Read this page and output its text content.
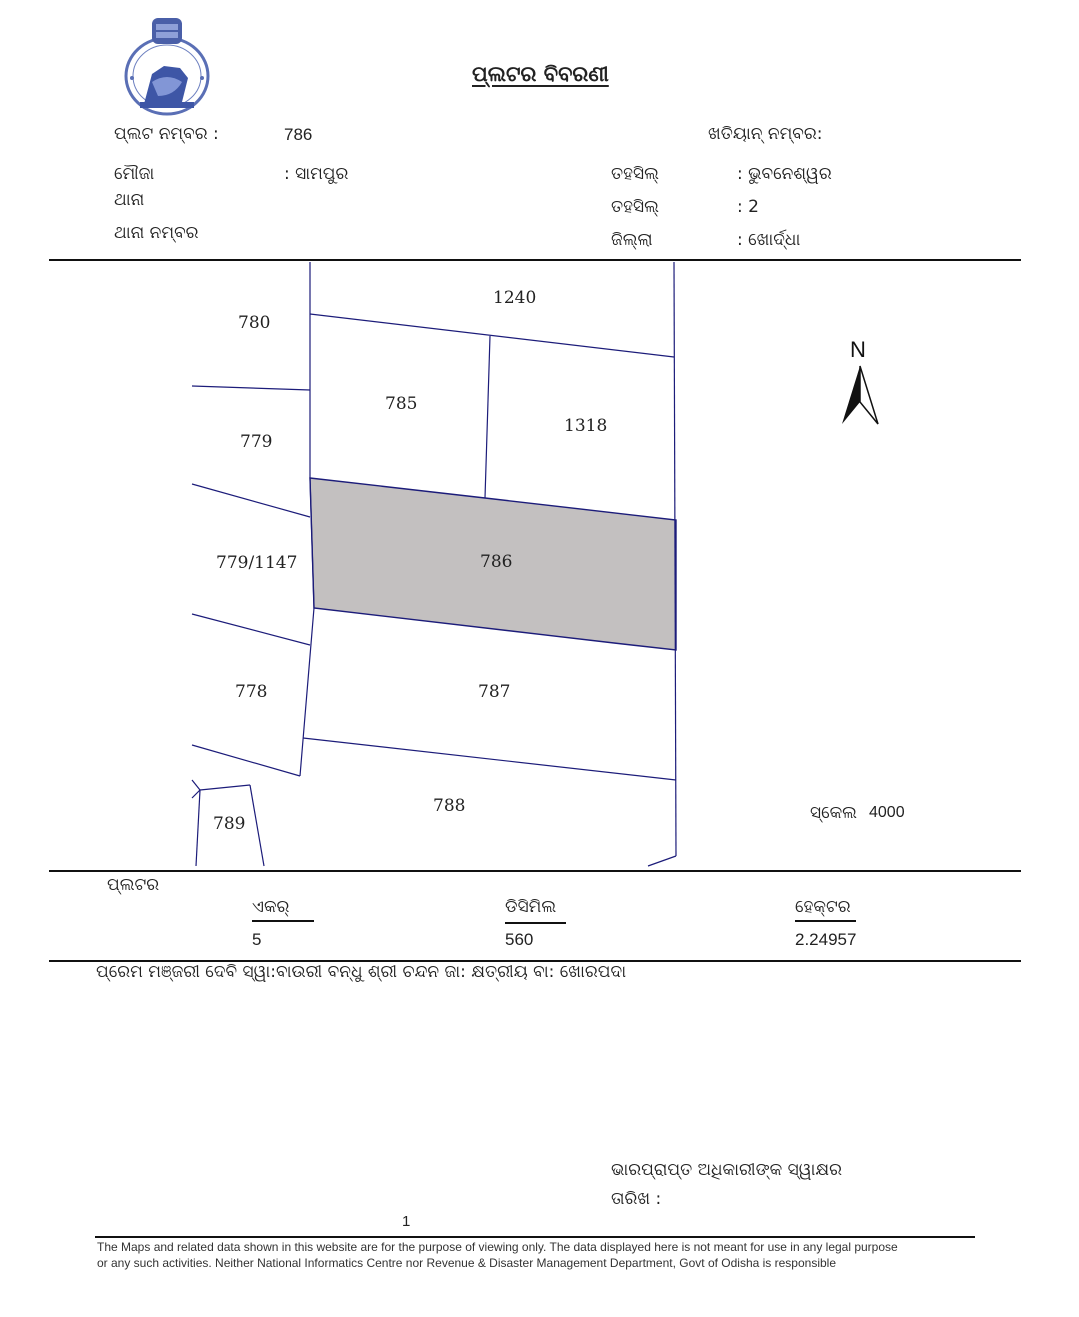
ପ୍ଲଟର ବିବରଣୀ
ପ୍ଲଟ ନମ୍ବର :	786	ଖତିୟାନ୍ ନମ୍ବର:
ମୌଜା	: ସାମପୁର
ଥାନା
ଥାନା ନମ୍ବର
ତହସିଲ୍	: ଭୁବନେଶ୍ୱର
ତହସିଲ୍	: 2
ଜିଲ୍ଲା	: ଖୋର୍ଦ୍ଧା
1240
780
785
1318
779
779/1147	786
778	787
788
789
N
ସ୍କେଲ 4000
ପ୍ଲଟର
ଏକର୍
5
ଡିସିମିଲ
560
ହେକ୍ଟର
2.24957
ପ୍ରେମ ମଞ୍ଜରୀ ଦେବି ସ୍ୱା:ବାଉରୀ ବନ୍ଧୁ ଶ୍ରୀ ଚନ୍ଦନ ଜା: କ୍ଷତ୍ରୀୟ ବା: ଖୋରପଦା
ଭାରପ୍ରାପ୍ତ ଅଧିକାରୀଙ୍କ ସ୍ୱାକ୍ଷର
ତାରିଖ :
1
The Maps and related data shown in this website are for the purpose of viewing only. The data displayed here is not meant for use in any legal purpose
or any such activities. Neither National Informatics Centre nor Revenue & Disaster Management Department, Govt of Odisha is responsible
